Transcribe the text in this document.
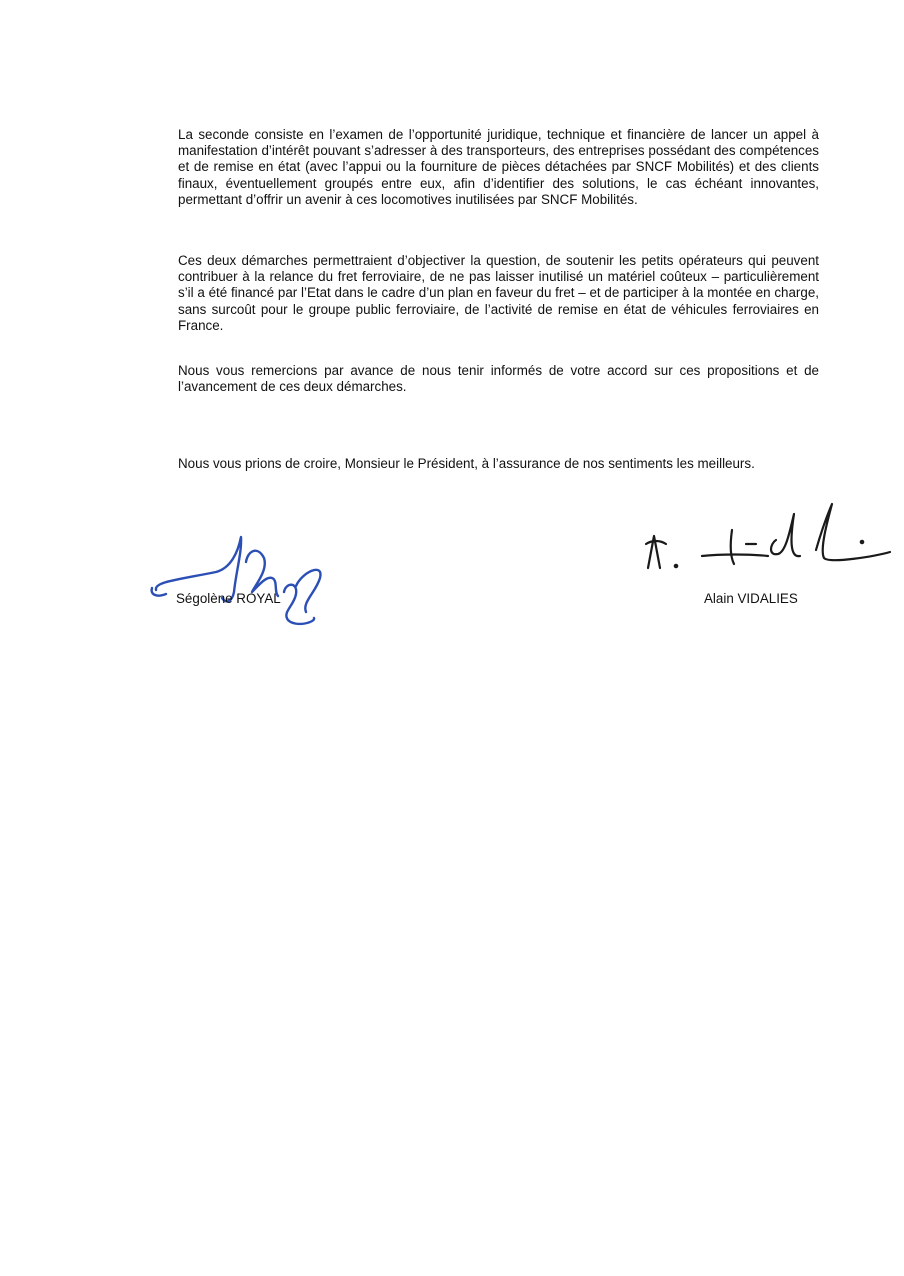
La seconde consiste en l’examen de l’opportunité juridique, technique et financière de lancer un appel à manifestation d’intérêt pouvant s’adresser à des transporteurs, des entreprises possédant des compétences et de remise en état (avec l’appui ou la fourniture de pièces détachées par SNCF Mobilités) et des clients finaux, éventuellement groupés entre eux, afin d’identifier des solutions, le cas échéant innovantes, permettant d’offrir un avenir à ces locomotives inutilisées par SNCF Mobilités.

Ces deux démarches permettraient d’objectiver la question, de soutenir les petits opérateurs qui peuvent contribuer à la relance du fret ferroviaire, de ne pas laisser inutilisé un matériel coûteux – particulièrement s’il a été financé par l’Etat dans le cadre d’un plan en faveur du fret – et de participer à la montée en charge, sans surcoût pour le groupe public ferroviaire, de l’activité de remise en état de véhicules ferroviaires en France.

Nous vous remercions par avance de nous tenir informés de votre accord sur ces propositions et de l’avancement de ces deux démarches.

Nous vous prions de croire, Monsieur le Président, à l’assurance de nos sentiments les meilleurs.

Ségolène ROYAL	Alain VIDALIES
